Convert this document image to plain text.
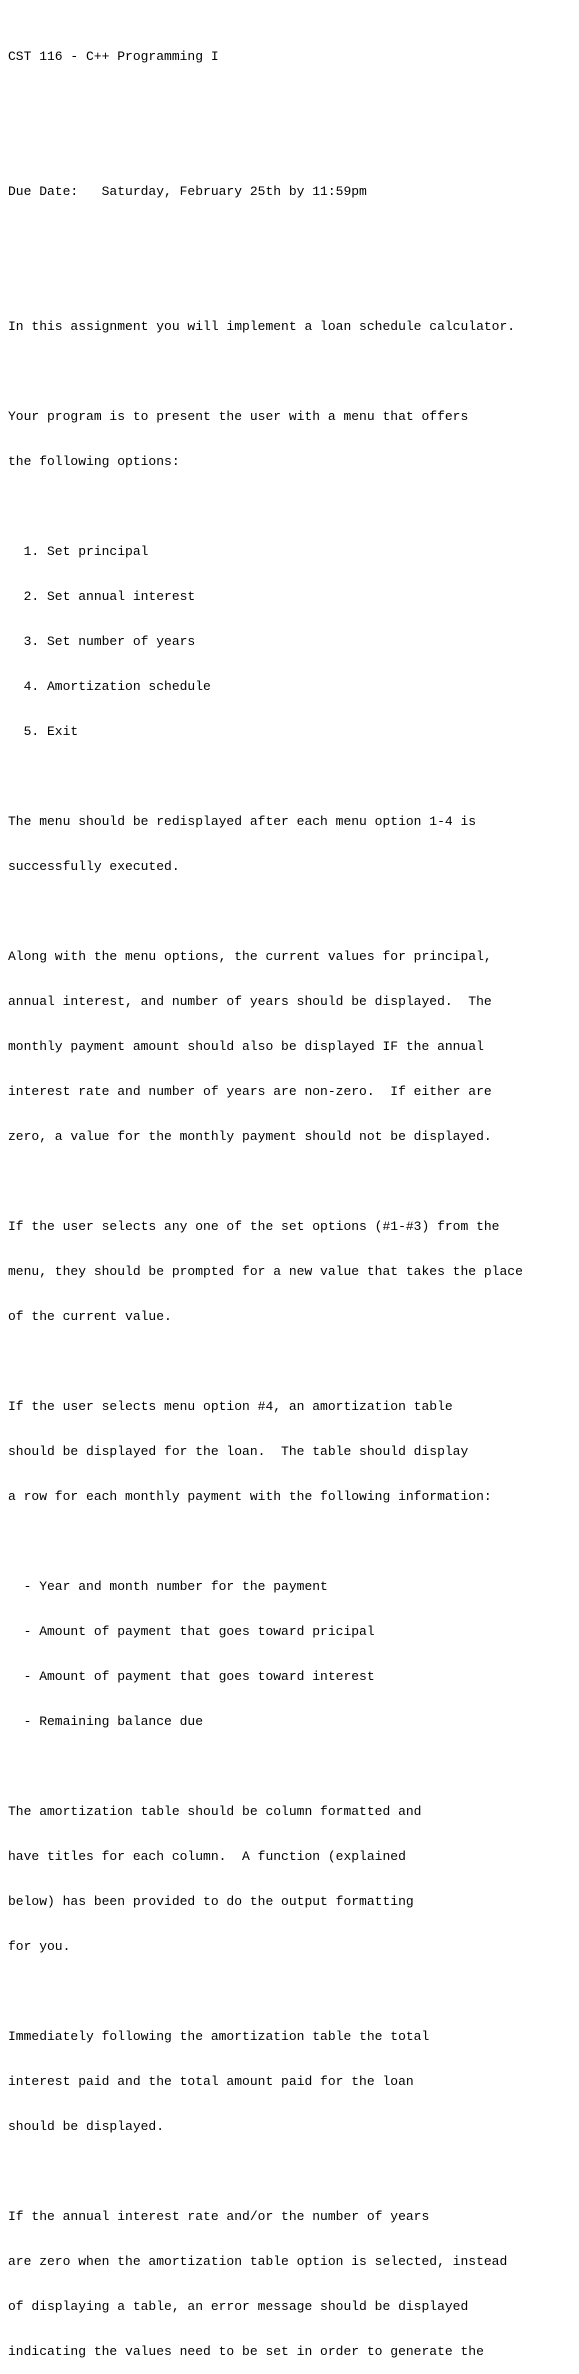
CST 116 - C++ Programming I

Due Date:   Saturday, February 25th by 11:59pm

In this assignment you will implement a loan schedule calculator.

Your program is to present the user with a menu that offers

the following options:

1. Set principal

2. Set annual interest

3. Set number of years

4. Amortization schedule

5. Exit

The menu should be redisplayed after each menu option 1-4 is

successfully executed.

Along with the menu options, the current values for principal,

annual interest, and number of years should be displayed.  The

monthly payment amount should also be displayed IF the annual

interest rate and number of years are non-zero.  If either are

zero, a value for the monthly payment should not be displayed.

If the user selects any one of the set options (#1-#3) from the

menu, they should be prompted for a new value that takes the place

of the current value.

If the user selects menu option #4, an amortization table

should be displayed for the loan.  The table should display

a row for each monthly payment with the following information:

- Year and month number for the payment

- Amount of payment that goes toward pricipal

- Amount of payment that goes toward interest

- Remaining balance due

The amortization table should be column formatted and

have titles for each column.  A function (explained

below) has been provided to do the output formatting

for you.

Immediately following the amortization table the total

interest paid and the total amount paid for the loan

should be displayed.

If the annual interest rate and/or the number of years

are zero when the amortization table option is selected, instead

of displaying a table, an error message should be displayed

indicating the values need to be set in order to generate the
